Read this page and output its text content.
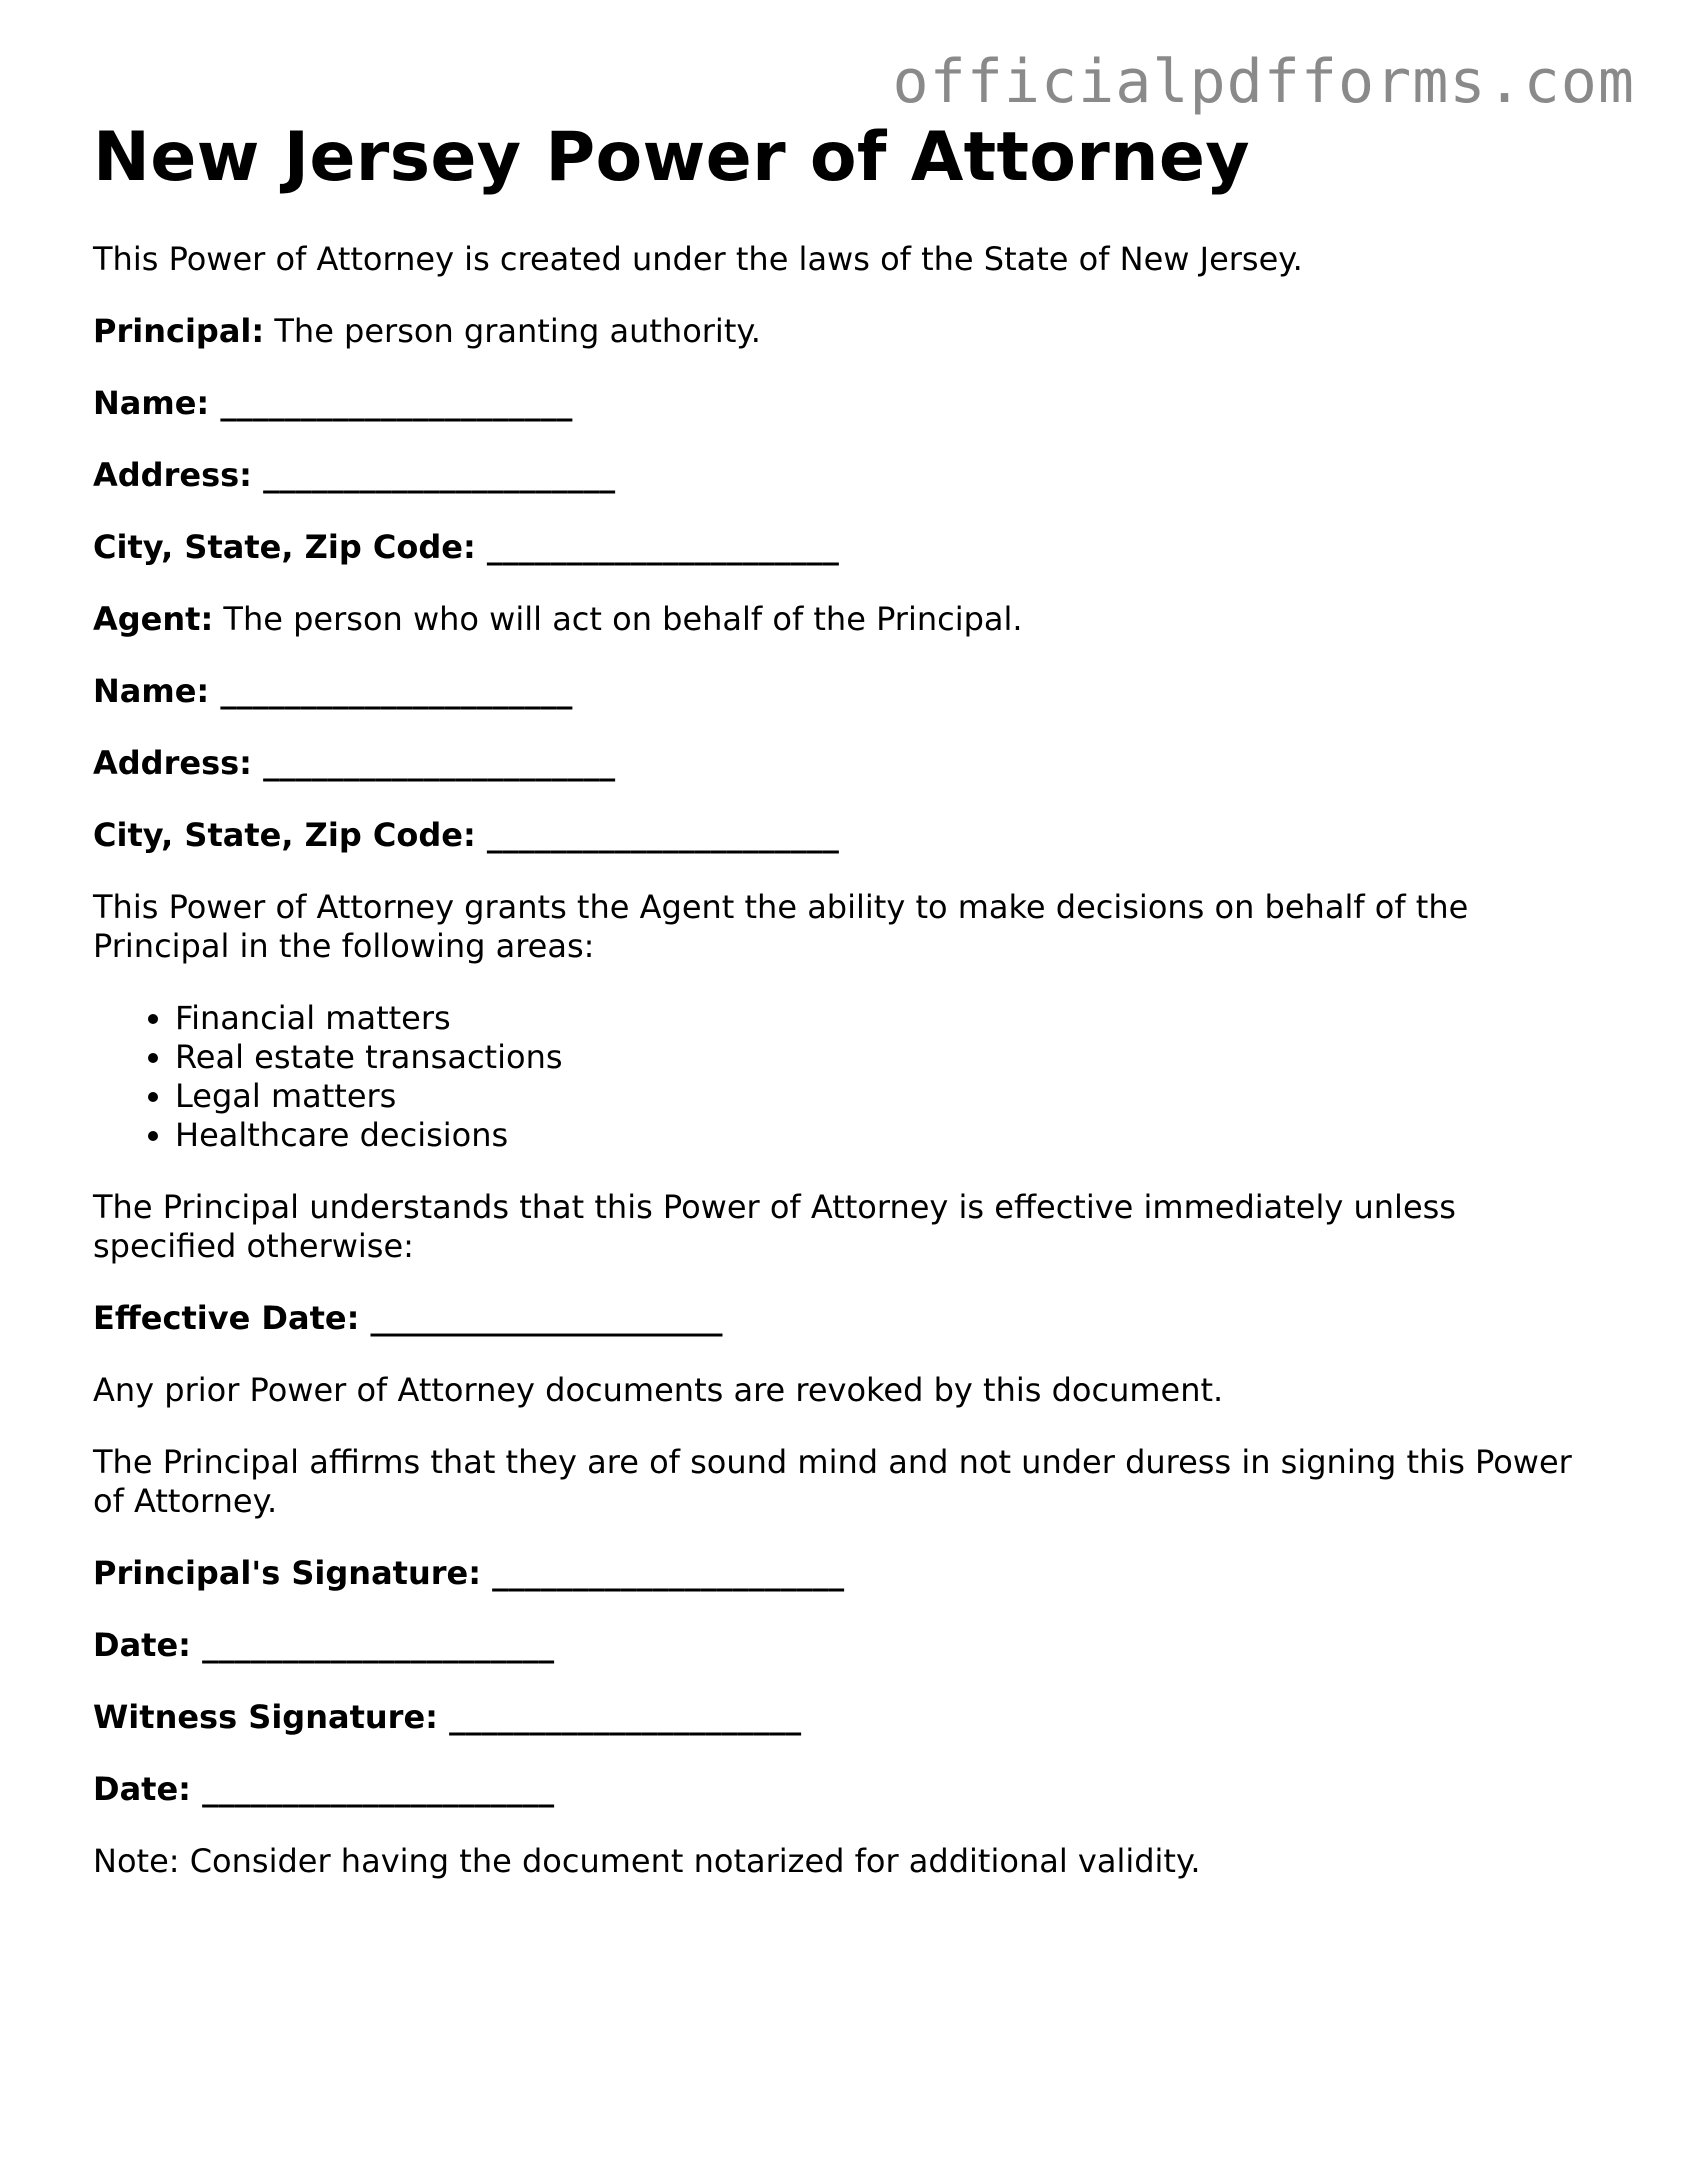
officialpdfforms.com
New Jersey Power of Attorney

This Power of Attorney is created under the laws of the State of New Jersey.

Principal: The person granting authority.

Name: ______________________

Address: ______________________

City, State, Zip Code: ______________________

Agent: The person who will act on behalf of the Principal.

Name: ______________________

Address: ______________________

City, State, Zip Code: ______________________

This Power of Attorney grants the Agent the ability to make decisions on behalf of the Principal in the following areas:

• Financial matters
• Real estate transactions
• Legal matters
• Healthcare decisions

The Principal understands that this Power of Attorney is effective immediately unless specified otherwise:

Effective Date: ______________________

Any prior Power of Attorney documents are revoked by this document.

The Principal affirms that they are of sound mind and not under duress in signing this Power of Attorney.

Principal's Signature: ______________________

Date: ______________________

Witness Signature: ______________________

Date: ______________________

Note: Consider having the document notarized for additional validity.
